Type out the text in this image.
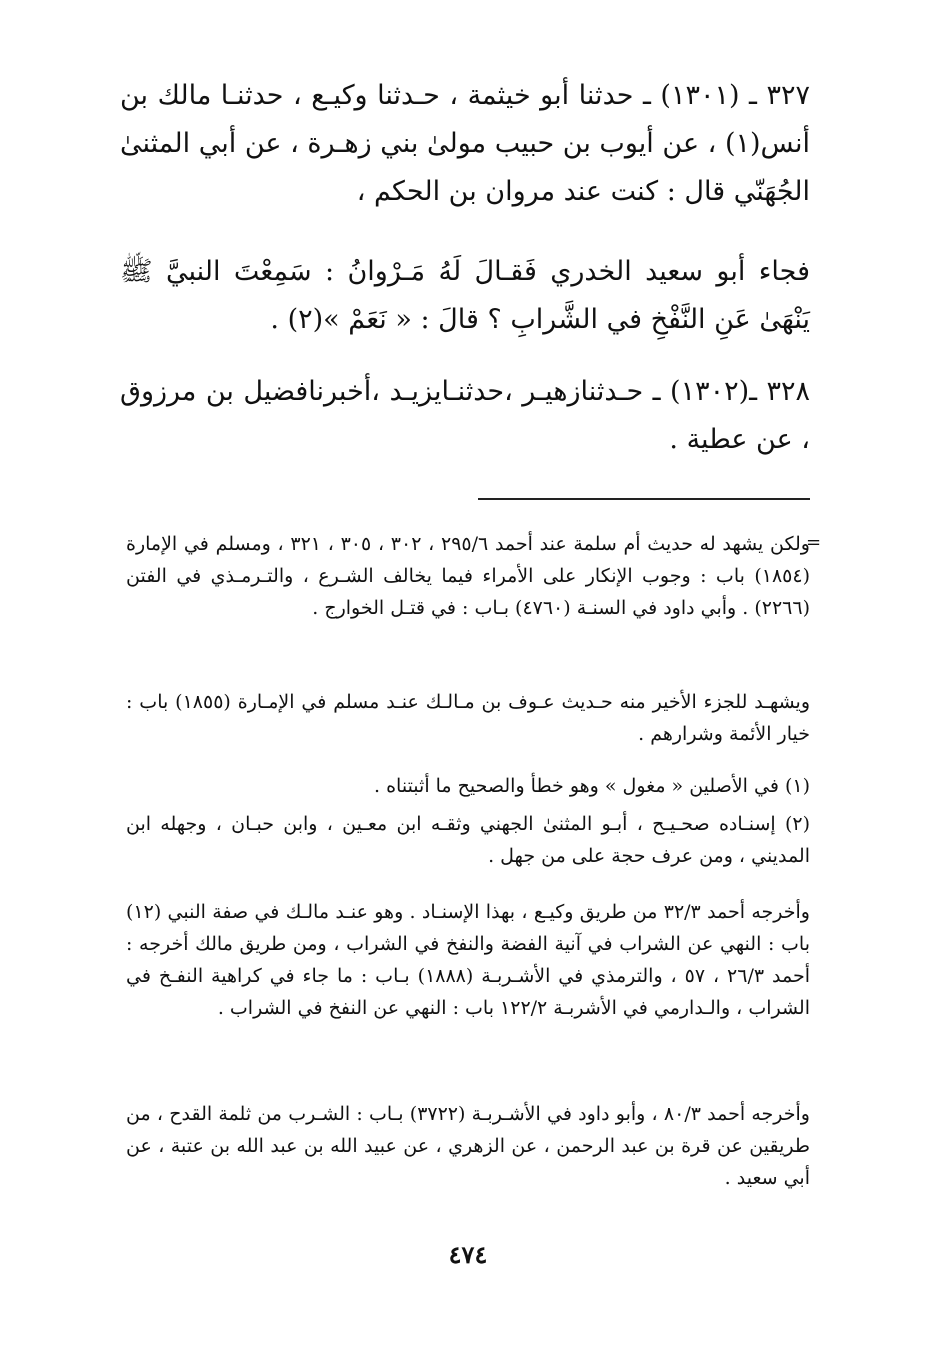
٣٢٧ ـ (١٣٠١) ـ حدثنا أبو خيثمة ، حـدثنا وكيـع ، حدثنـا مالك بن أنس(١) ، عن أيوب بن حبيب مولىٰ بني زهـرة ، عن أبي المثنىٰ الجُهَنّي قال : كنت عند مروان بن الحكم ،

فجاء أبو سعيد الخدري فَقـالَ لَهُ مَـرْوانُ : سَمِعْتَ النبيَّ ﷺ يَنْهَىٰ عَنِ النَّفْخِ في الشَّرابِ ؟ قالَ : « نَعَمْ »(٢) .

٣٢٨ ـ(١٣٠٢) ـ حـدثنازهيـر ،حدثنـايزيـد ،أخبرنافضيل بن مرزوق ، عن عطية .

=

ولكن يشهد له حديث أم سلمة عند أحمد ٢٩٥/٦ ، ٣٠٢ ، ٣٠٥ ، ٣٢١ ، ومسلم في الإمارة (١٨٥٤) باب : وجوب الإنكار على الأمراء فيما يخالف الشـرع ، والتـرمـذي في الفتن (٢٢٦٦) . وأبي داود في السنـة (٤٧٦٠) بـاب : في قتـل الخوارج .

ويشهـد للجزء الأخير منه حـديث عـوف بن مـالـك عنـد مسلم في الإمـارة (١٨٥٥) باب : خيار الأئمة وشرارهم .

(١) في الأصلين « مغول » وهو خطأ والصحيح ما أثبتناه .

(٢) إسنـاده صحـيـح ، أبـو المثنىٰ الجهني وثقـه ابن معـين ، وابن حبـان ، وجهله ابن المديني ، ومن عرف حجة على من جهل .

وأخرجه أحمد ٣٢/٣ من طريق وكيـع ، بهذا الإسنـاد . وهو عنـد مالـك في صفة النبي (١٢) باب : النهي عن الشراب في آنية الفضة والنفخ في الشراب ، ومن طريق مالك أخرجه : أحمد ٢٦/٣ ، ٥٧ ، والترمذي في الأشـربـة (١٨٨٨) بـاب : ما جاء في كراهية النفـخ في الشراب ، والـدارمي في الأشربـة ١٢٢/٢ باب : النهي عن النفخ في الشراب .

وأخرجه أحمد ٨٠/٣ ، وأبو داود في الأشـربـة (٣٧٢٢) بـاب : الشـرب من ثلمة القدح ، من طريقين عن قرة بن عبد الرحمن ، عن الزهري ، عن عبيد الله بن عبد الله بن عتبة ، عن أبي سعيد .

٤٧٤
